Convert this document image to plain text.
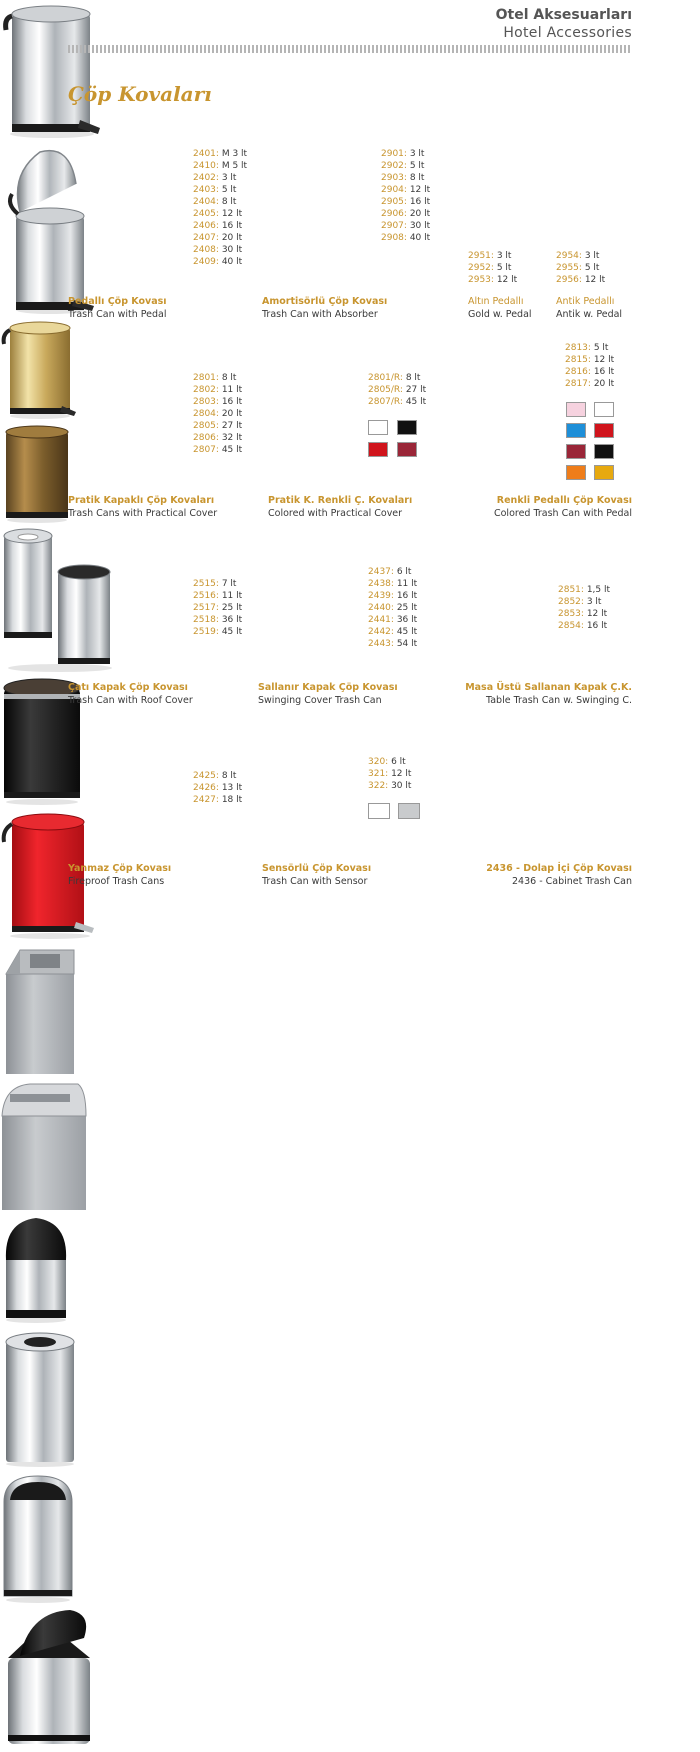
Otel Aksesuarları
Hotel Accessories
Çöp Kovaları
2401: M 3 lt
2410: M 5 lt
2402: 3 lt
2403: 5 lt
2404: 8 lt
2405: 12 lt
2406: 16 lt
2407: 20 lt
2408: 30 lt
2409: 40 lt
Pedallı Çöp Kovası
Trash Can with Pedal
2901: 3 lt
2902: 5 lt
2903: 8 lt
2904: 12 lt
2905: 16 lt
2906: 20 lt
2907: 30 lt
2908: 40 lt
Amortisörlü Çöp Kovası
Trash Can with Absorber
2951: 3 lt
2952: 5 lt
2953: 12 lt
Altın Pedallı
Gold w. Pedal
2954: 3 lt
2955: 5 lt
2956: 12 lt
Antik Pedallı
Antik w. Pedal
2801: 8 lt
2802: 11 lt
2803: 16 lt
2804: 20 lt
2805: 27 lt
2806: 32 lt
2807: 45 lt
Pratik Kapaklı Çöp Kovaları
Trash Cans with Practical Cover
2801/R: 8 lt
2805/R: 27 lt
2807/R: 45 lt
Pratik K. Renkli Ç. Kovaları
Colored with Practical Cover
2813: 5 lt
2815: 12 lt
2816: 16 lt
2817: 20 lt
Renkli Pedallı Çöp Kovası
Colored Trash Can with Pedal
2515: 7 lt
2516: 11 lt
2517: 25 lt
2518: 36 lt
2519: 45 lt
Çatı Kapak Çöp Kovası
Trash Can with Roof Cover
2437: 6 lt
2438: 11 lt
2439: 16 lt
2440: 25 lt
2441: 36 lt
2442: 45 lt
2443: 54 lt
Sallanır Kapak Çöp Kovası
Swinging Cover Trash Can
2851: 1,5 lt
2852: 3 lt
2853: 12 lt
2854: 16 lt
Masa Üstü Sallanan Kapak Ç.K.
Table Trash Can w. Swinging C.
2425: 8 lt
2426: 13 lt
2427: 18 lt
Yanmaz Çöp Kovası
Fireproof Trash Cans
320: 6 lt
321: 12 lt
322: 30 lt
Sensörlü Çöp Kovası
Trash Can with Sensor
2436 - Dolap İçi Çöp Kovası
2436 - Cabinet Trash Can
